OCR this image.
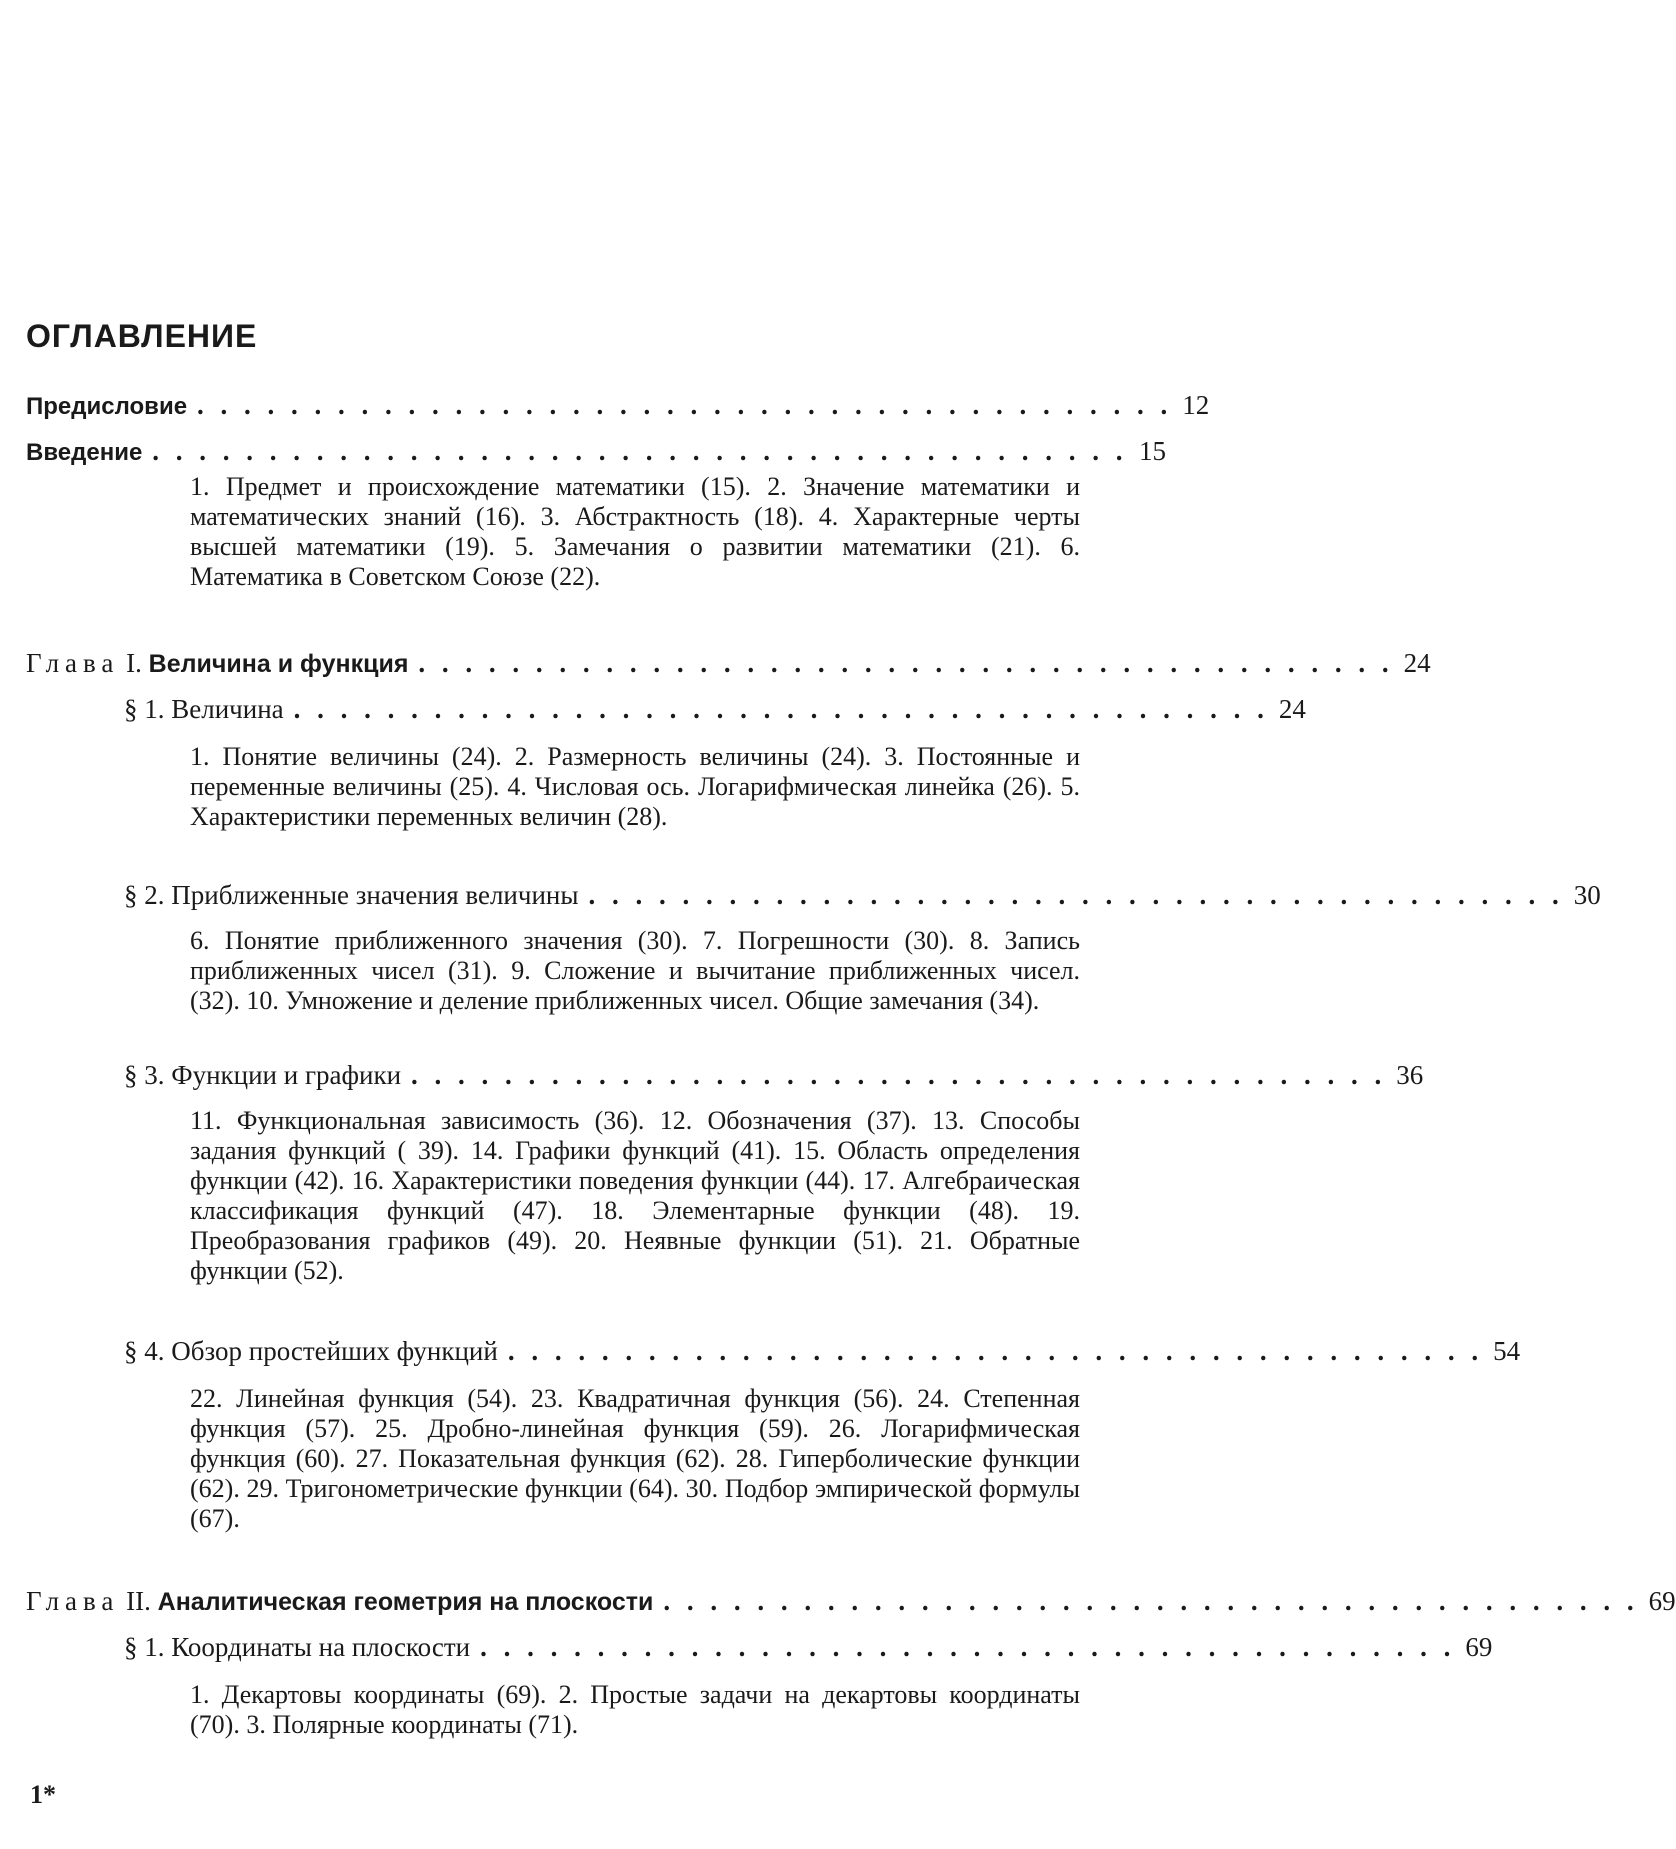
ОГЛАВЛЕНИЕ
Предисловие . . . . . . . . . . . . . . . . . . . . . . . . . . . . . . . . . . . . . . . . . . 12
Введение . . . . . . . . . . . . . . . . . . . . . . . . . . . . . . . . . . . . . . . . . . 15

1. Предмет и происхождение математики (15). 2. Значение математики и математических знаний (16). 3. Абстрактность (18). 4. Характерные черты высшей математики (19). 5. Замечания о развитии математики (21). 6. Математика в Советском Союзе (22).

Глава I. Величина и функция . . . . . . . . . . . . . . . . . . . . . . . . . . . . . . . . . . . . . . . . . . 24
§ 1. Величина . . . . . . . . . . . . . . . . . . . . . . . . . . . . . . . . . . . . . . . . . . 24

1. Понятие величины (24). 2. Размерность величины (24). 3. Постоянные и переменные величины (25). 4. Числовая ось. Логарифмическая линейка (26). 5. Характеристики переменных величин (28).

§ 2. Приближенные значения величины . . . . . . . . . . . . . . . . . . . . . . . . . . . . . . . . . . . . . . . . . . 30

6. Понятие приближенного значения (30). 7. Погрешности (30). 8. Запись приближенных чисел (31). 9. Сложение и вычитание приближенных чисел. (32). 10. Умножение и деление приближенных чисел. Общие замечания (34).

§ 3. Функции и графики . . . . . . . . . . . . . . . . . . . . . . . . . . . . . . . . . . . . . . . . . . 36

11. Функциональная зависимость (36). 12. Обозначения (37). 13. Способы задания функций ( 39). 14. Графики функций (41). 15. Область определения функции (42). 16. Характеристики поведения функции (44). 17. Алгебраическая классификация функций (47). 18. Элементарные функции (48). 19. Преобразования графиков (49). 20. Неявные функции (51). 21. Обратные функции (52).

§ 4. Обзор простейших функций . . . . . . . . . . . . . . . . . . . . . . . . . . . . . . . . . . . . . . . . . . 54

22. Линейная функция (54). 23. Квадратичная функция (56). 24. Степенная функция (57). 25. Дробно-линейная функция (59). 26. Логарифмическая функция (60). 27. Показательная функция (62). 28. Гиперболические функции (62). 29. Тригонометрические функции (64). 30. Подбор эмпирической формулы (67).

Глава II. Аналитическая геометрия на плоскости . . . . . . . . . . . . . . . . . . . . . . . . . . . . . . . . . . . . . . . . . . 69
§ 1. Координаты на плоскости . . . . . . . . . . . . . . . . . . . . . . . . . . . . . . . . . . . . . . . . . . 69

1. Декартовы координаты (69). 2. Простые задачи на декартовы координаты (70). 3. Полярные координаты (71).

1*
